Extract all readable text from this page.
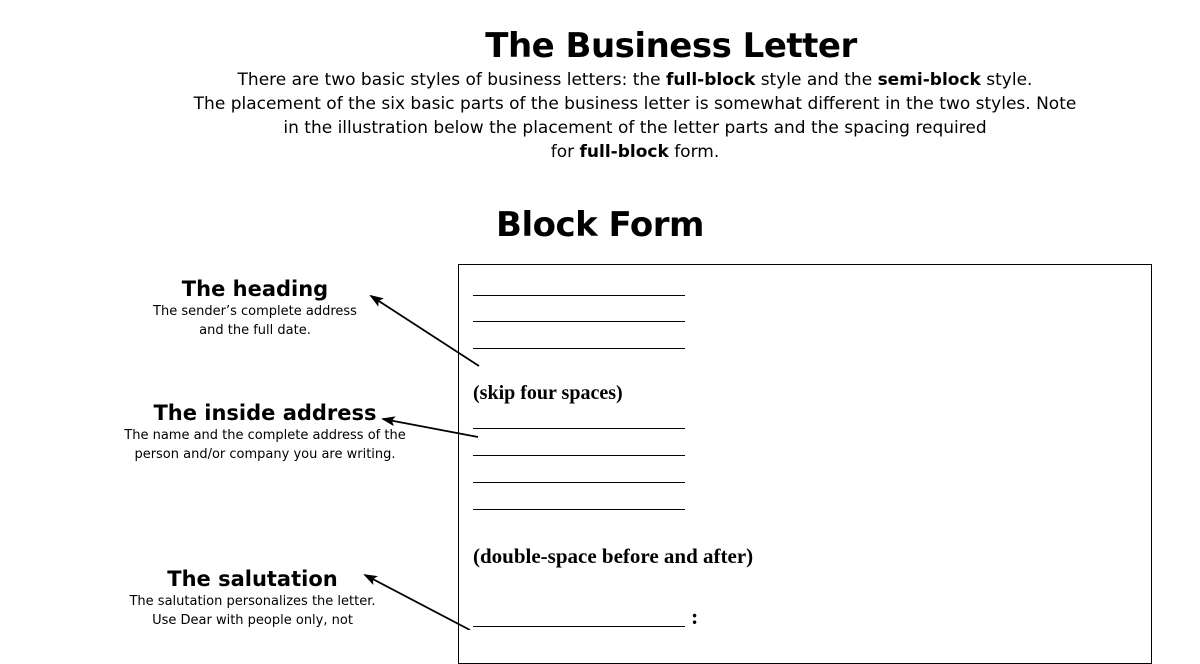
The Business Letter

There are two basic styles of business letters: the full-block style and the semi-block style.

The placement of the six basic parts of the business letter is somewhat different in the two styles. Note

in the illustration below the placement of the letter parts and the spacing required

for full-block form.

Block Form
The heading
The sender’s complete address
and the full date.
The inside address
The name and the complete address of the
person and/or company you are writing.
The salutation
The salutation personalizes the letter.
Use Dear with people only, not
(skip four spaces)
(double-space before and after)
:
